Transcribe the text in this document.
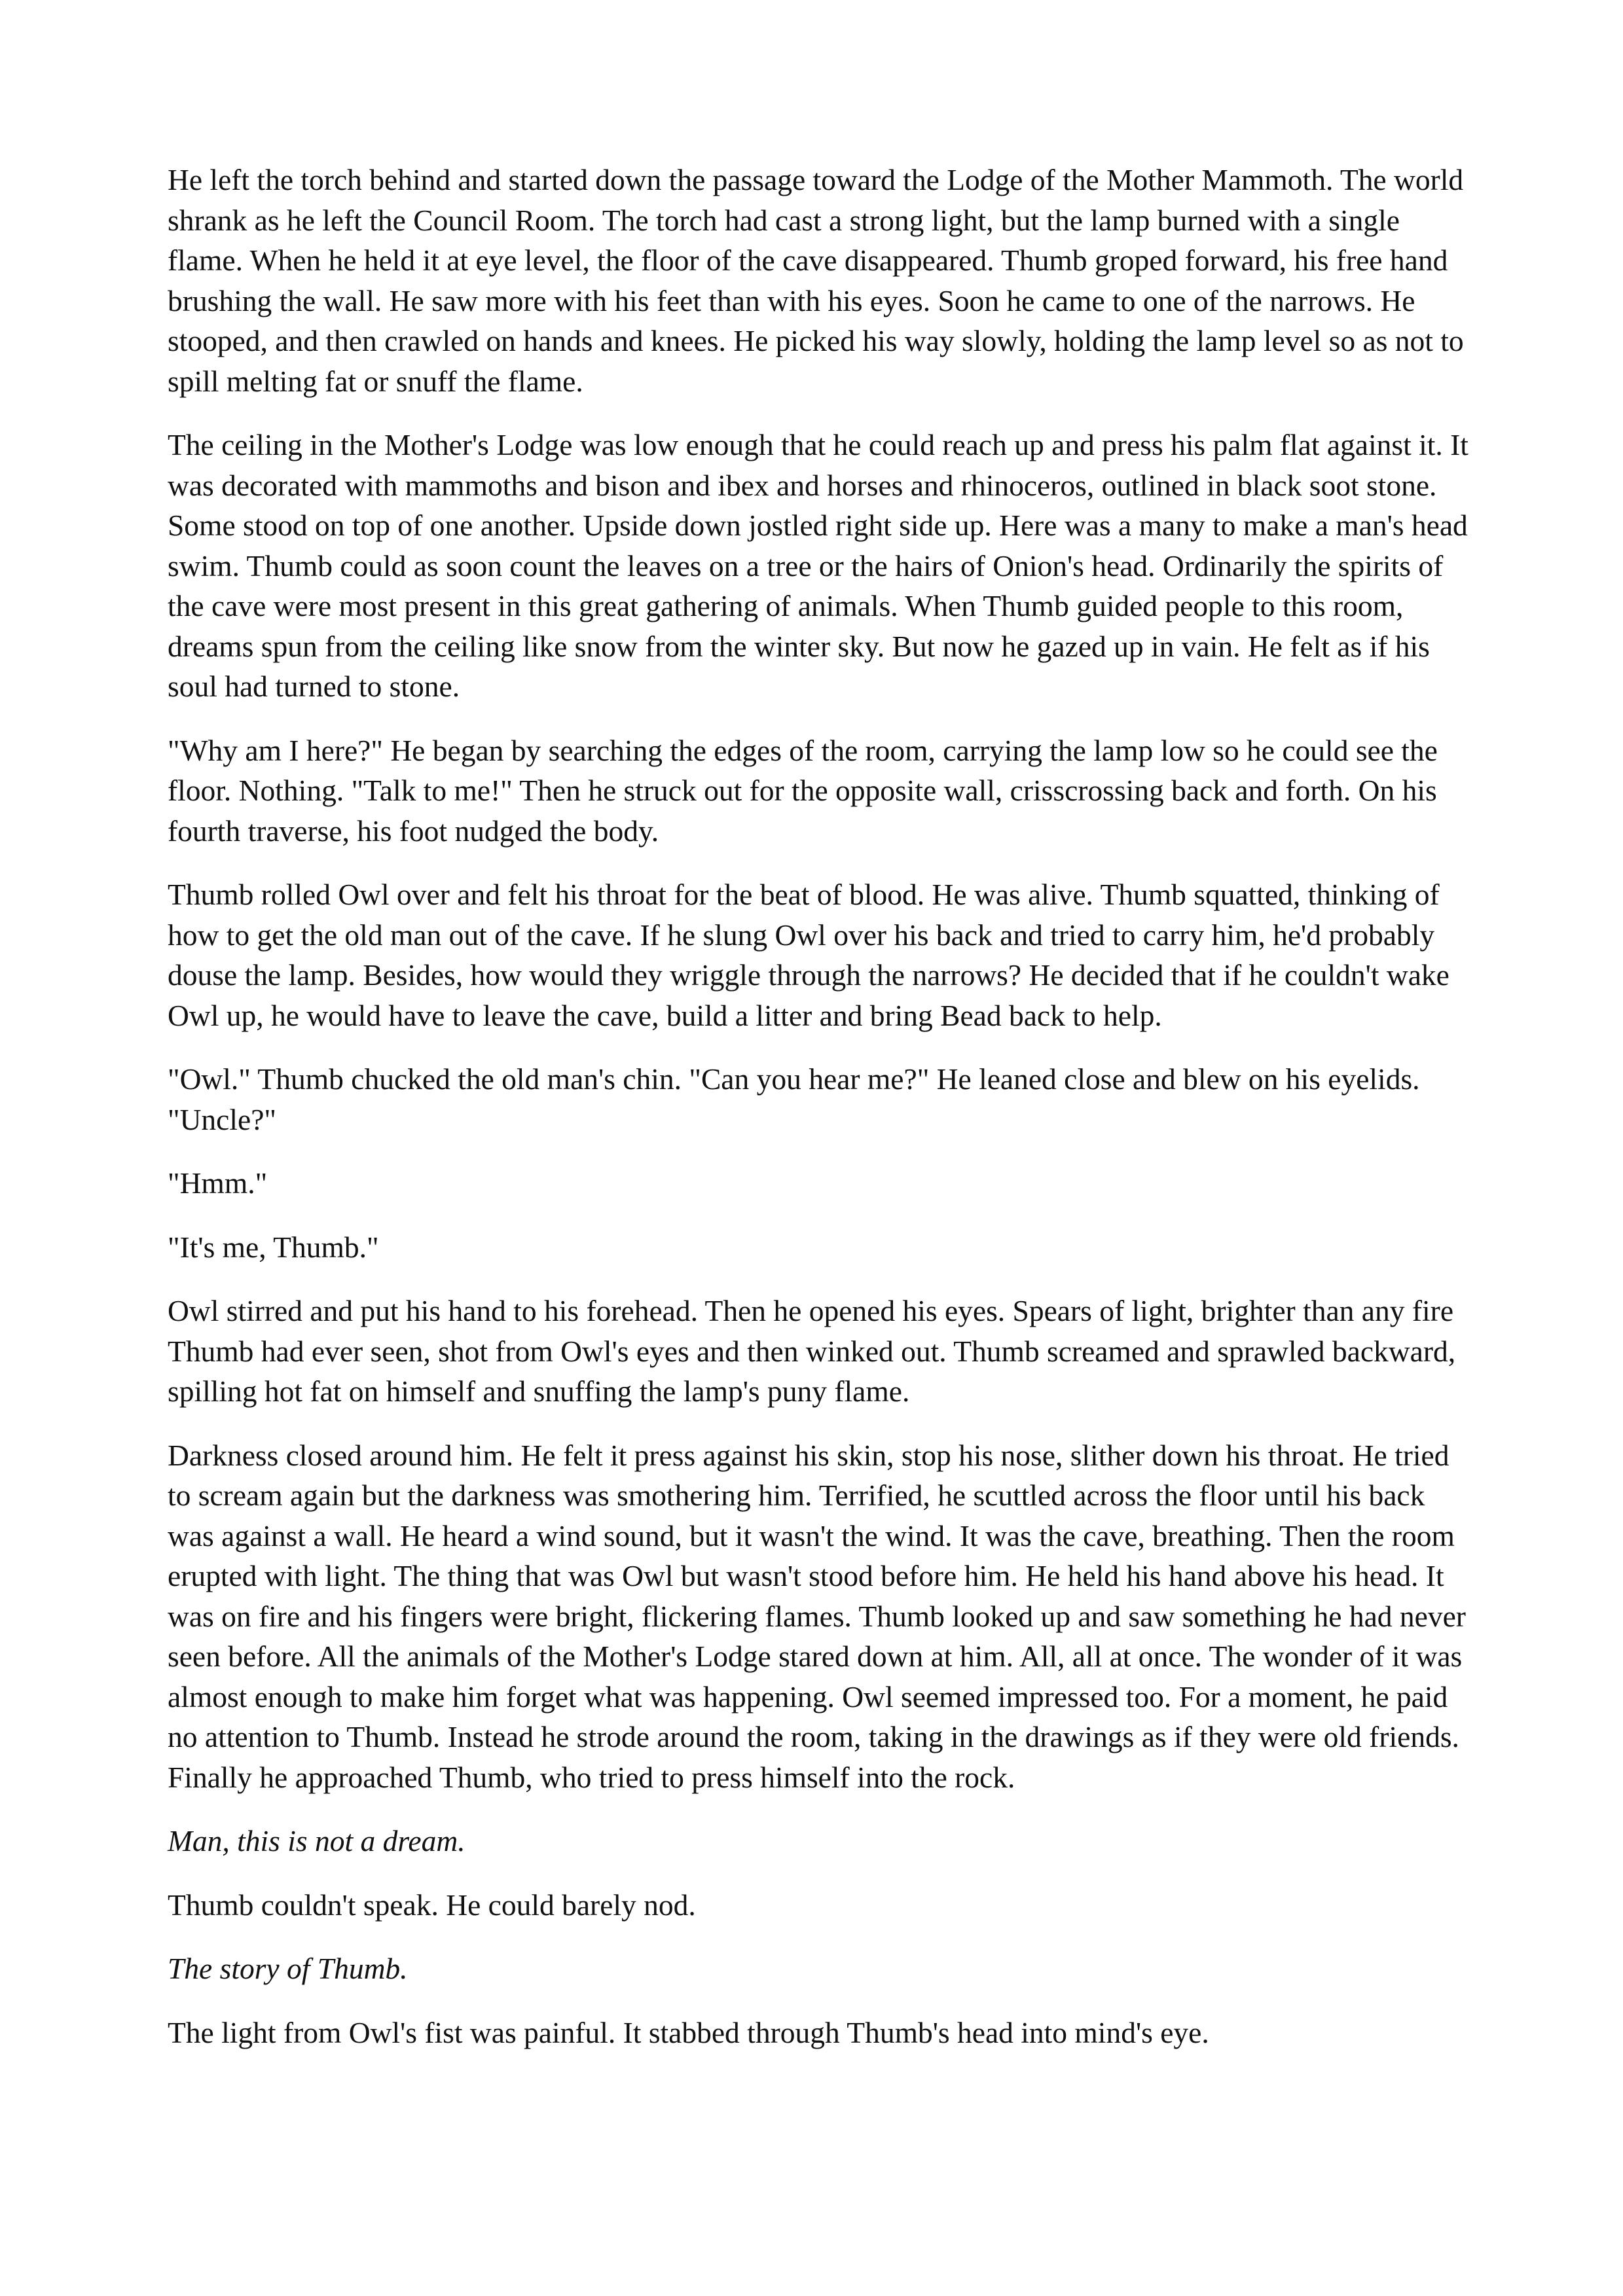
He left the torch behind and started down the passage toward the Lodge of the Mother Mammoth. The world shrank as he left the Council Room. The torch had cast a strong light, but the lamp burned with a single flame. When he held it at eye level, the floor of the cave disappeared. Thumb groped forward, his free hand brushing the wall. He saw more with his feet than with his eyes. Soon he came to one of the narrows. He stooped, and then crawled on hands and knees. He picked his way slowly, holding the lamp level so as not to spill melting fat or snuff the flame.

The ceiling in the Mother's Lodge was low enough that he could reach up and press his palm flat against it. It was decorated with mammoths and bison and ibex and horses and rhinoceros, outlined in black soot stone. Some stood on top of one another. Upside down jostled right side up. Here was a many to make a man's head swim. Thumb could as soon count the leaves on a tree or the hairs of Onion's head. Ordinarily the spirits of the cave were most present in this great gathering of animals. When Thumb guided people to this room, dreams spun from the ceiling like snow from the winter sky. But now he gazed up in vain. He felt as if his soul had turned to stone.

"Why am I here?" He began by searching the edges of the room, carrying the lamp low so he could see the floor. Nothing. "Talk to me!" Then he struck out for the opposite wall, crisscrossing back and forth. On his fourth traverse, his foot nudged the body.

Thumb rolled Owl over and felt his throat for the beat of blood. He was alive. Thumb squatted, thinking of how to get the old man out of the cave. If he slung Owl over his back and tried to carry him, he'd probably douse the lamp. Besides, how would they wriggle through the narrows? He decided that if he couldn't wake Owl up, he would have to leave the cave, build a litter and bring Bead back to help.

"Owl." Thumb chucked the old man's chin. "Can you hear me?" He leaned close and blew on his eyelids. "Uncle?"

"Hmm."

"It's me, Thumb."

Owl stirred and put his hand to his forehead. Then he opened his eyes. Spears of light, brighter than any fire Thumb had ever seen, shot from Owl's eyes and then winked out. Thumb screamed and sprawled backward, spilling hot fat on himself and snuffing the lamp's puny flame.

Darkness closed around him. He felt it press against his skin, stop his nose, slither down his throat. He tried to scream again but the darkness was smothering him. Terrified, he scuttled across the floor until his back was against a wall. He heard a wind sound, but it wasn't the wind. It was the cave, breathing. Then the room erupted with light. The thing that was Owl but wasn't stood before him. He held his hand above his head. It was on fire and his fingers were bright, flickering flames. Thumb looked up and saw something he had never seen before. All the animals of the Mother's Lodge stared down at him. All, all at once. The wonder of it was almost enough to make him forget what was happening. Owl seemed impressed too. For a moment, he paid no attention to Thumb. Instead he strode around the room, taking in the drawings as if they were old friends. Finally he approached Thumb, who tried to press himself into the rock.

Man, this is not a dream.

Thumb couldn't speak. He could barely nod.

The story of Thumb.

The light from Owl's fist was painful. It stabbed through Thumb's head into mind's eye.
